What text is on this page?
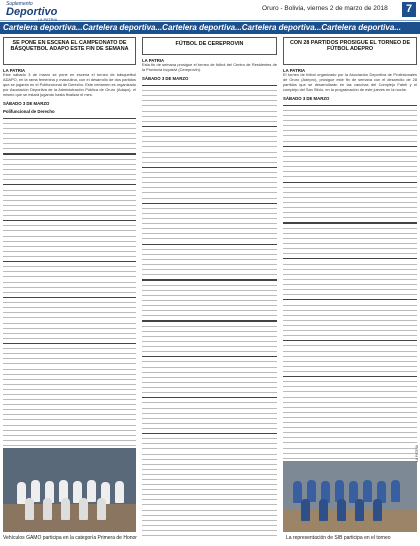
Suplemento
Deportivo
LA PATRIA
Oruro - Bolivia, viernes 2 de marzo de 2018	7
Cartelera deportiva...Cartelera deportiva...Cartelera deportiva...Cartelera deportiva...Cartelera deportiva...
SE PONE EN ESCENA EL CAMPEONATO DE BÁSQUETBOL ADAPO ESTE FIN DE SEMANA
LA PATRIA
Este sábado 3 de marzo se pone en escena el torneo de básquetbol ADAPO, en la rama femenina y masculina, con el desarrollo de dos partidos que se jugarán en el Polifuncional de Derecho. Este certamen es organizado por Asociación Deportiva de la Administración Pública de Oruro (Adapo), el mismo que se estará jugando hasta finalizar el mes.
SÁBADO 3 DE MARZO
Polifuncional de Derecho
Vehículos GAMO participa en la categoría Primera de Honor
FÚTBOL DE CEREPROVIN
LA PATRIA
Esta fin de semana prosigue el torneo de fútbol del Centro de Residentes de la Provincia Inquisivi (Cereprovin).
SÁBADO 3 DE MARZO
CON 28 PARTIDOS PROSIGUE EL TORNEO DE FÚTBOL ADEPRO
LA PATRIA
El torneo de fútbol organizado por la Asociación Deportiva de Profesionales de Oruro (Adepro), prosigue este fin de semana con el desarrollo de 28 partidos que se desarrollarán en las canchas del Complejo Fabril y el complejo del San Silvio, en la programación de este jueves en la noche.
SÁBADO 3 DE MARZO
La representación de SIB participa en el torneo
LA PATRIA
